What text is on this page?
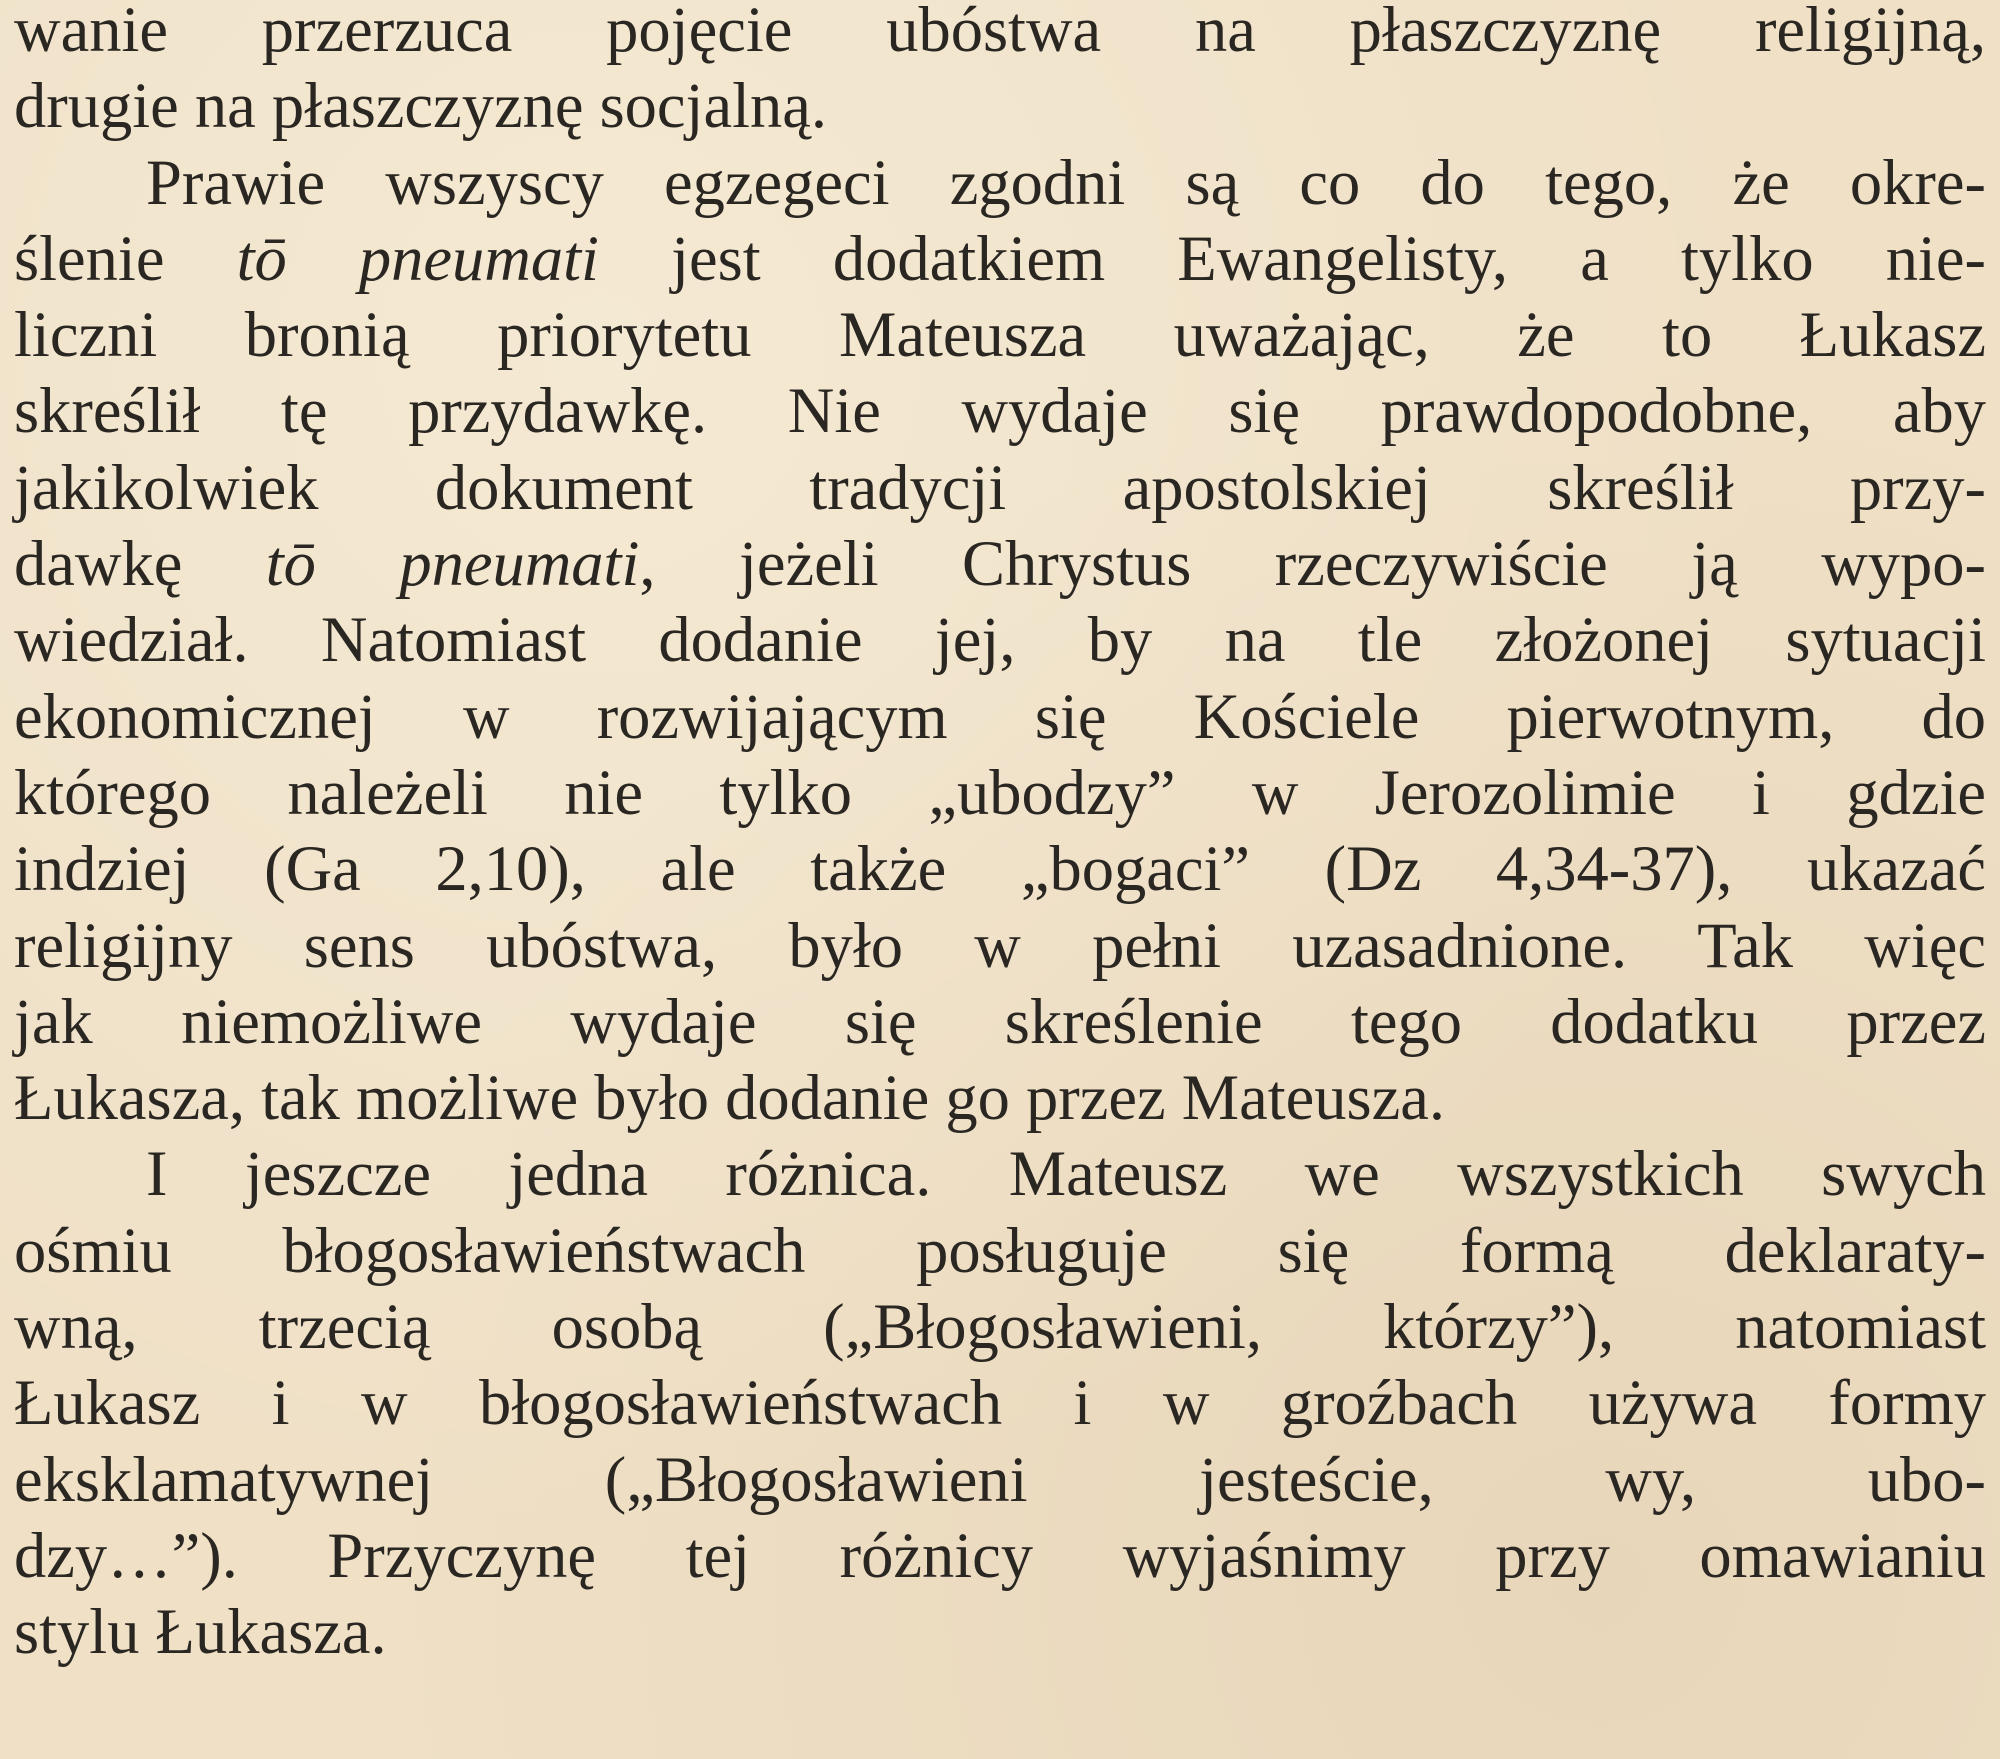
wanie przerzuca pojęcie ubóstwa na płaszczyznę religijną,
drugie na płaszczyznę socjalną.
Prawie wszyscy egzegeci zgodni są co do tego, że okre-
ślenie tō pneumati jest dodatkiem Ewangelisty, a tylko nie-
liczni bronią priorytetu Mateusza uważając, że to Łukasz
skreślił tę przydawkę. Nie wydaje się prawdopodobne, aby
jakikolwiek dokument tradycji apostolskiej skreślił przy-
dawkę tō pneumati, jeżeli Chrystus rzeczywiście ją wypo-
wiedział. Natomiast dodanie jej, by na tle złożonej sytuacji
ekonomicznej w rozwijającym się Kościele pierwotnym, do
którego należeli nie tylko „ubodzy” w Jerozolimie i gdzie
indziej (Ga 2,10), ale także „bogaci” (Dz 4,34-37), ukazać
religijny sens ubóstwa, było w pełni uzasadnione. Tak więc
jak niemożliwe wydaje się skreślenie tego dodatku przez
Łukasza, tak możliwe było dodanie go przez Mateusza.
I jeszcze jedna różnica. Mateusz we wszystkich swych
ośmiu błogosławieństwach posługuje się formą deklaraty-
wną, trzecią osobą („Błogosławieni, którzy”), natomiast
Łukasz i w błogosławieństwach i w groźbach używa formy
eksklamatywnej („Błogosławieni jesteście, wy, ubo-
dzy…”). Przyczynę tej różnicy wyjaśnimy przy omawianiu
stylu Łukasza.
